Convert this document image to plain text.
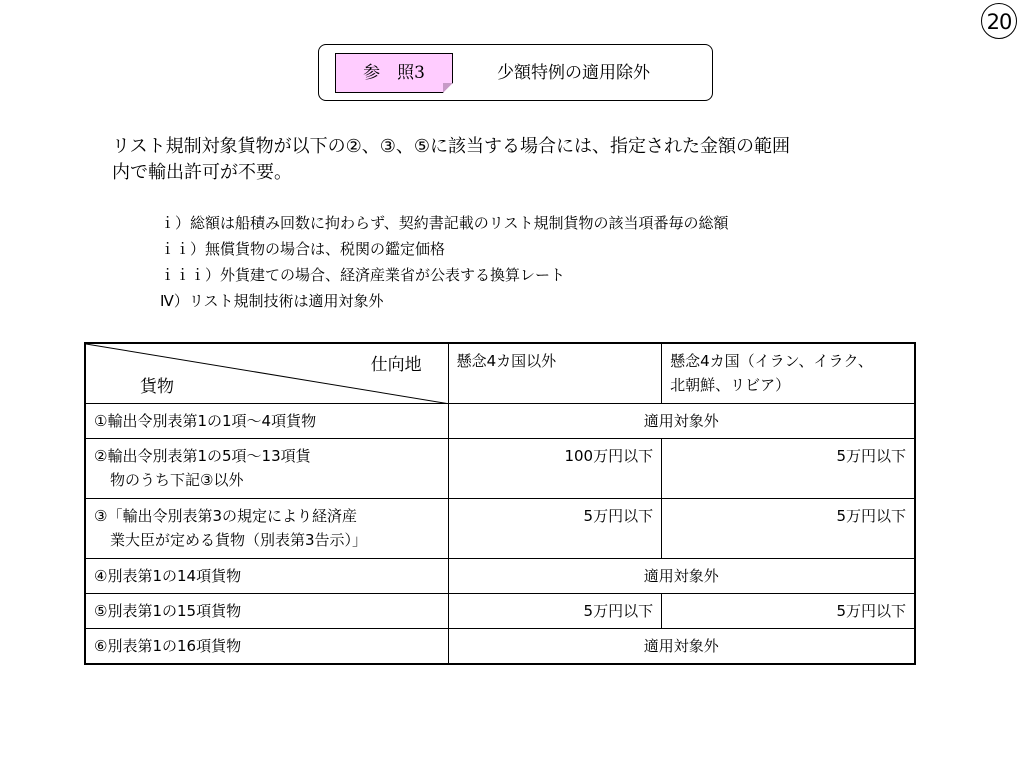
20
参　照3	少額特例の適用除外

リスト規制対象貨物が以下の②、③、⑤に該当する場合には、指定された金額の範囲

内で輸出許可が不要。

ｉ）総額は船積み回数に拘わらず、契約書記載のリスト規制貨物の該当項番毎の総額
ｉｉ）無償貨物の場合は、税関の鑑定価格
ｉｉｉ）外貨建ての場合、経済産業省が公表する換算レート
Ⅳ）リスト規制技術は適用対象外
仕向地
貨物	懸念4カ国以外	懸念4カ国（イラン、イラク、
北朝鮮、リビア）
①輸出令別表第1の1項～4項貨物	適用対象外	
②輸出令別表第1の5項～13項貨

物のうち下記③以外	100万円以下	5万円以下
③「輸出令別表第3の規定により経済産

業大臣が定める貨物（別表第3告示）」	5万円以下	5万円以下
④別表第1の14項貨物	適用対象外	
⑤別表第1の15項貨物	5万円以下	5万円以下
⑥別表第1の16項貨物	適用対象外	
